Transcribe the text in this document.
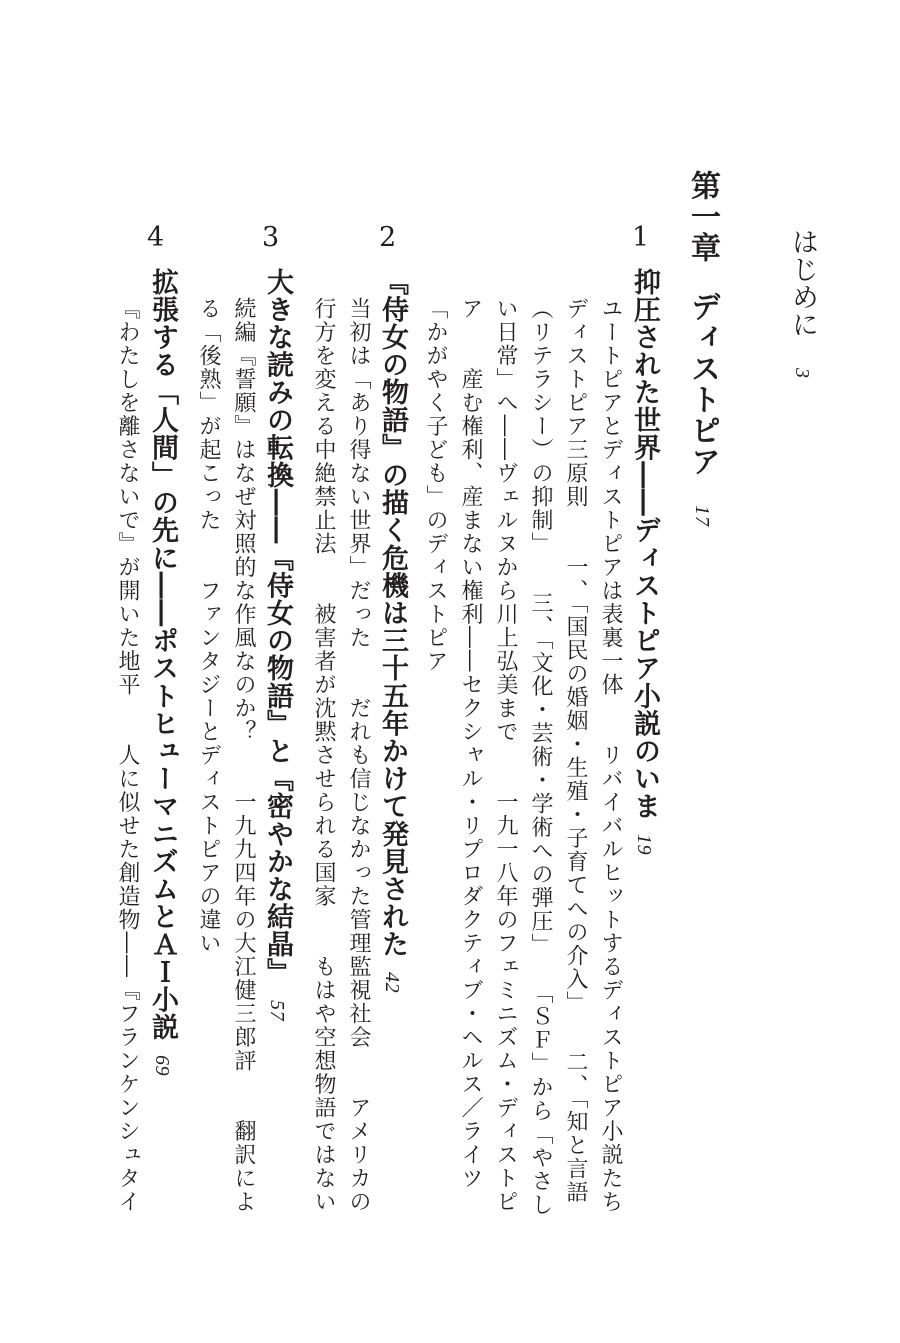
はじめに3
第一章ディストピア17
1
2
3
4
抑圧された世界――ディストピア小説のいま19
ユートピアとディストピアは表裏一体　　リバイバルヒットするディストピア小説たち
ディストピア三原則　　一、「国民の婚姻・生殖・子育てへの介入」　　二、「知と言語
（リテラシー）の抑制」　　三、「文化・芸術・学術への弾圧」　　「ＳＦ」から「やさし
い日常」へ――ヴェルヌから川上弘美まで　　一九一八年のフェミニズム・ディストピ
ア　　産む権利、産まない権利――セクシャル・リプロダクティブ・ヘルス／ライツ
「かがやく子ども」のディストピア
『侍女の物語』の描く危機は三十五年かけて発見された42
当初は「あり得ない世界」だった　　だれも信じなかった管理監視社会　　アメリカの
行方を変える中絶禁止法　　被害者が沈黙させられる国家　　もはや空想物語ではない
大きな読みの転換――『侍女の物語』と『密やかな結晶』57
続編『誓願』はなぜ対照的な作風なのか？　　一九九四年の大江健三郎評　　翻訳によ
る「後熟」が起こった　　ファンタジーとディストピアの違い
拡張する「人間」の先に――ポストヒューマニズムとＡＩ小説69
『わたしを離さないで』が開いた地平　　人に似せた創造物――『フランケンシュタイ
